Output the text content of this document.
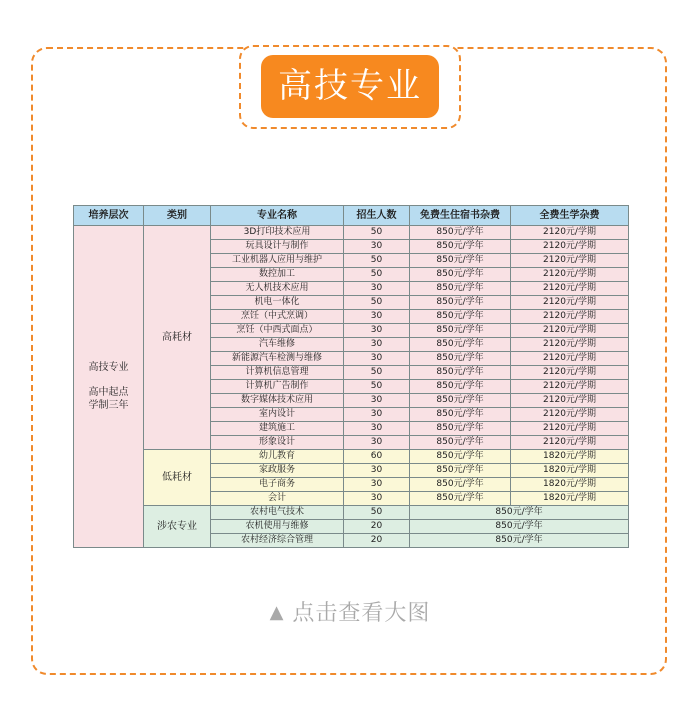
高技专业
培养层次	类别	专业名称	招生人数	免费生住宿书杂费	全费生学杂费

高技专业
高中起点
学制三年	高耗材	3D打印技术应用	50	850元/学年	2120元/学期
		玩具设计与制作	30	850元/学年	2120元/学期
		工业机器人应用与维护	50	850元/学年	2120元/学期
		数控加工	50	850元/学年	2120元/学期
		无人机技术应用	30	850元/学年	2120元/学期
		机电一体化	50	850元/学年	2120元/学期
		烹饪（中式烹调）	30	850元/学年	2120元/学期
		烹饪（中西式面点）	30	850元/学年	2120元/学期
		汽车维修	30	850元/学年	2120元/学期
		新能源汽车检测与维修	30	850元/学年	2120元/学期
		计算机信息管理	50	850元/学年	2120元/学期
		计算机广告制作	50	850元/学年	2120元/学期
		数字媒体技术应用	30	850元/学年	2120元/学期
		室内设计	30	850元/学年	2120元/学期
		建筑施工	30	850元/学年	2120元/学期
		形象设计	30	850元/学年	2120元/学期
	低耗材	幼儿教育	60	850元/学年	1820元/学期
		家政服务	30	850元/学年	1820元/学期
		电子商务	30	850元/学年	1820元/学期
		会计	30	850元/学年	1820元/学期
	涉农专业	农村电气技术	50	850元/学年	
		农机使用与维修	20	850元/学年	
		农村经济综合管理	20	850元/学年	
▲ 点击查看大图
